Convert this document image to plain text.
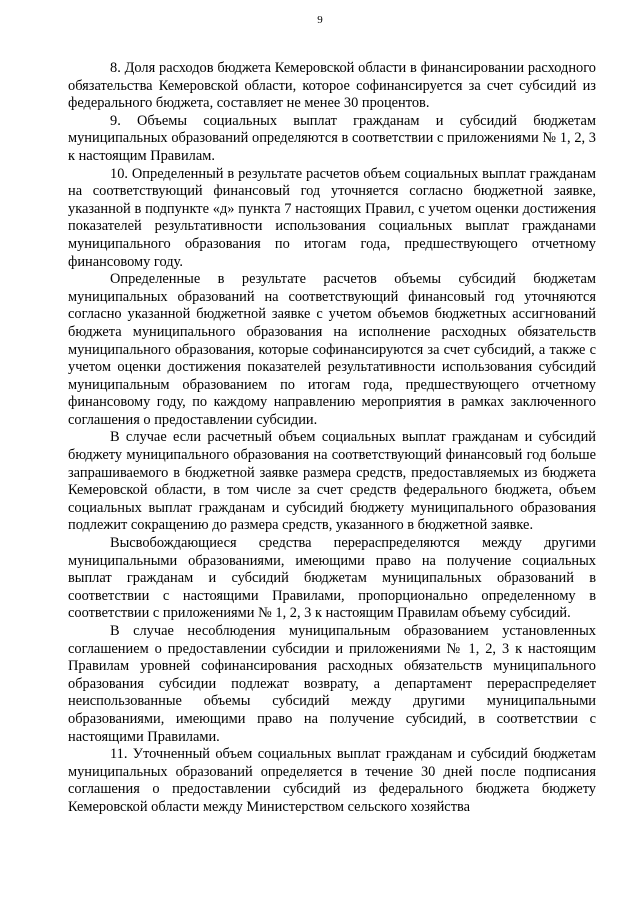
9

8. Доля расходов бюджета Кемеровской области в финансировании расходного обязательства Кемеровской области, которое софинансируется за счет субсидий из федерального бюджета, составляет не менее 30 процентов.

9. Объемы социальных выплат гражданам и субсидий бюджетам муниципальных образований определяются в соответствии с приложениями № 1, 2, 3 к настоящим Правилам.

10. Определенный в результате расчетов объем социальных выплат гражданам на соответствующий финансовый год уточняется согласно бюджетной заявке, указанной в подпункте «д» пункта 7 настоящих Правил, с учетом оценки достижения показателей результативности использования социальных выплат гражданами муниципального образования по итогам года, предшествующего отчетному финансовому году.

Определенные в результате расчетов объемы субсидий бюджетам муниципальных образований на соответствующий финансовый год уточняются согласно указанной бюджетной заявке с учетом объемов бюджетных ассигнований бюджета муниципального образования на исполнение расходных обязательств муниципального образования, которые софинансируются за счет субсидий, а также с учетом оценки достижения показателей результативности использования субсидий муниципальным образованием по итогам года, предшествующего отчетному финансовому году, по каждому направлению мероприятия в рамках заключенного соглашения о предоставлении субсидии.

В случае если расчетный объем социальных выплат гражданам и субсидий бюджету муниципального образования на соответствующий финансовый год больше запрашиваемого в бюджетной заявке размера средств, предоставляемых из бюджета Кемеровской области, в том числе за счет средств федерального бюджета, объем социальных выплат гражданам и субсидий бюджету муниципального образования подлежит сокращению до размера средств, указанного в бюджетной заявке.

Высвобождающиеся средства перераспределяются между другими муниципальными образованиями, имеющими право на получение социальных выплат гражданам и субсидий бюджетам муниципальных образований в соответствии с настоящими Правилами, пропорционально определенному в соответствии с приложениями № 1, 2, 3 к настоящим Правилам объему субсидий.

В случае несоблюдения муниципальным образованием установленных соглашением о предоставлении субсидии и приложениями № 1, 2, 3 к настоящим Правилам уровней софинансирования расходных обязательств муниципального образования субсидии подлежат возврату, а департамент перераспределяет неиспользованные объемы субсидий между другими муниципальными образованиями, имеющими право на получение субсидий, в соответствии с настоящими Правилами.

11. Уточненный объем социальных выплат гражданам и субсидий бюджетам муниципальных образований определяется в течение 30 дней после подписания соглашения о предоставлении субсидий из федерального бюджета бюджету Кемеровской области между Министерством сельского хозяйства
